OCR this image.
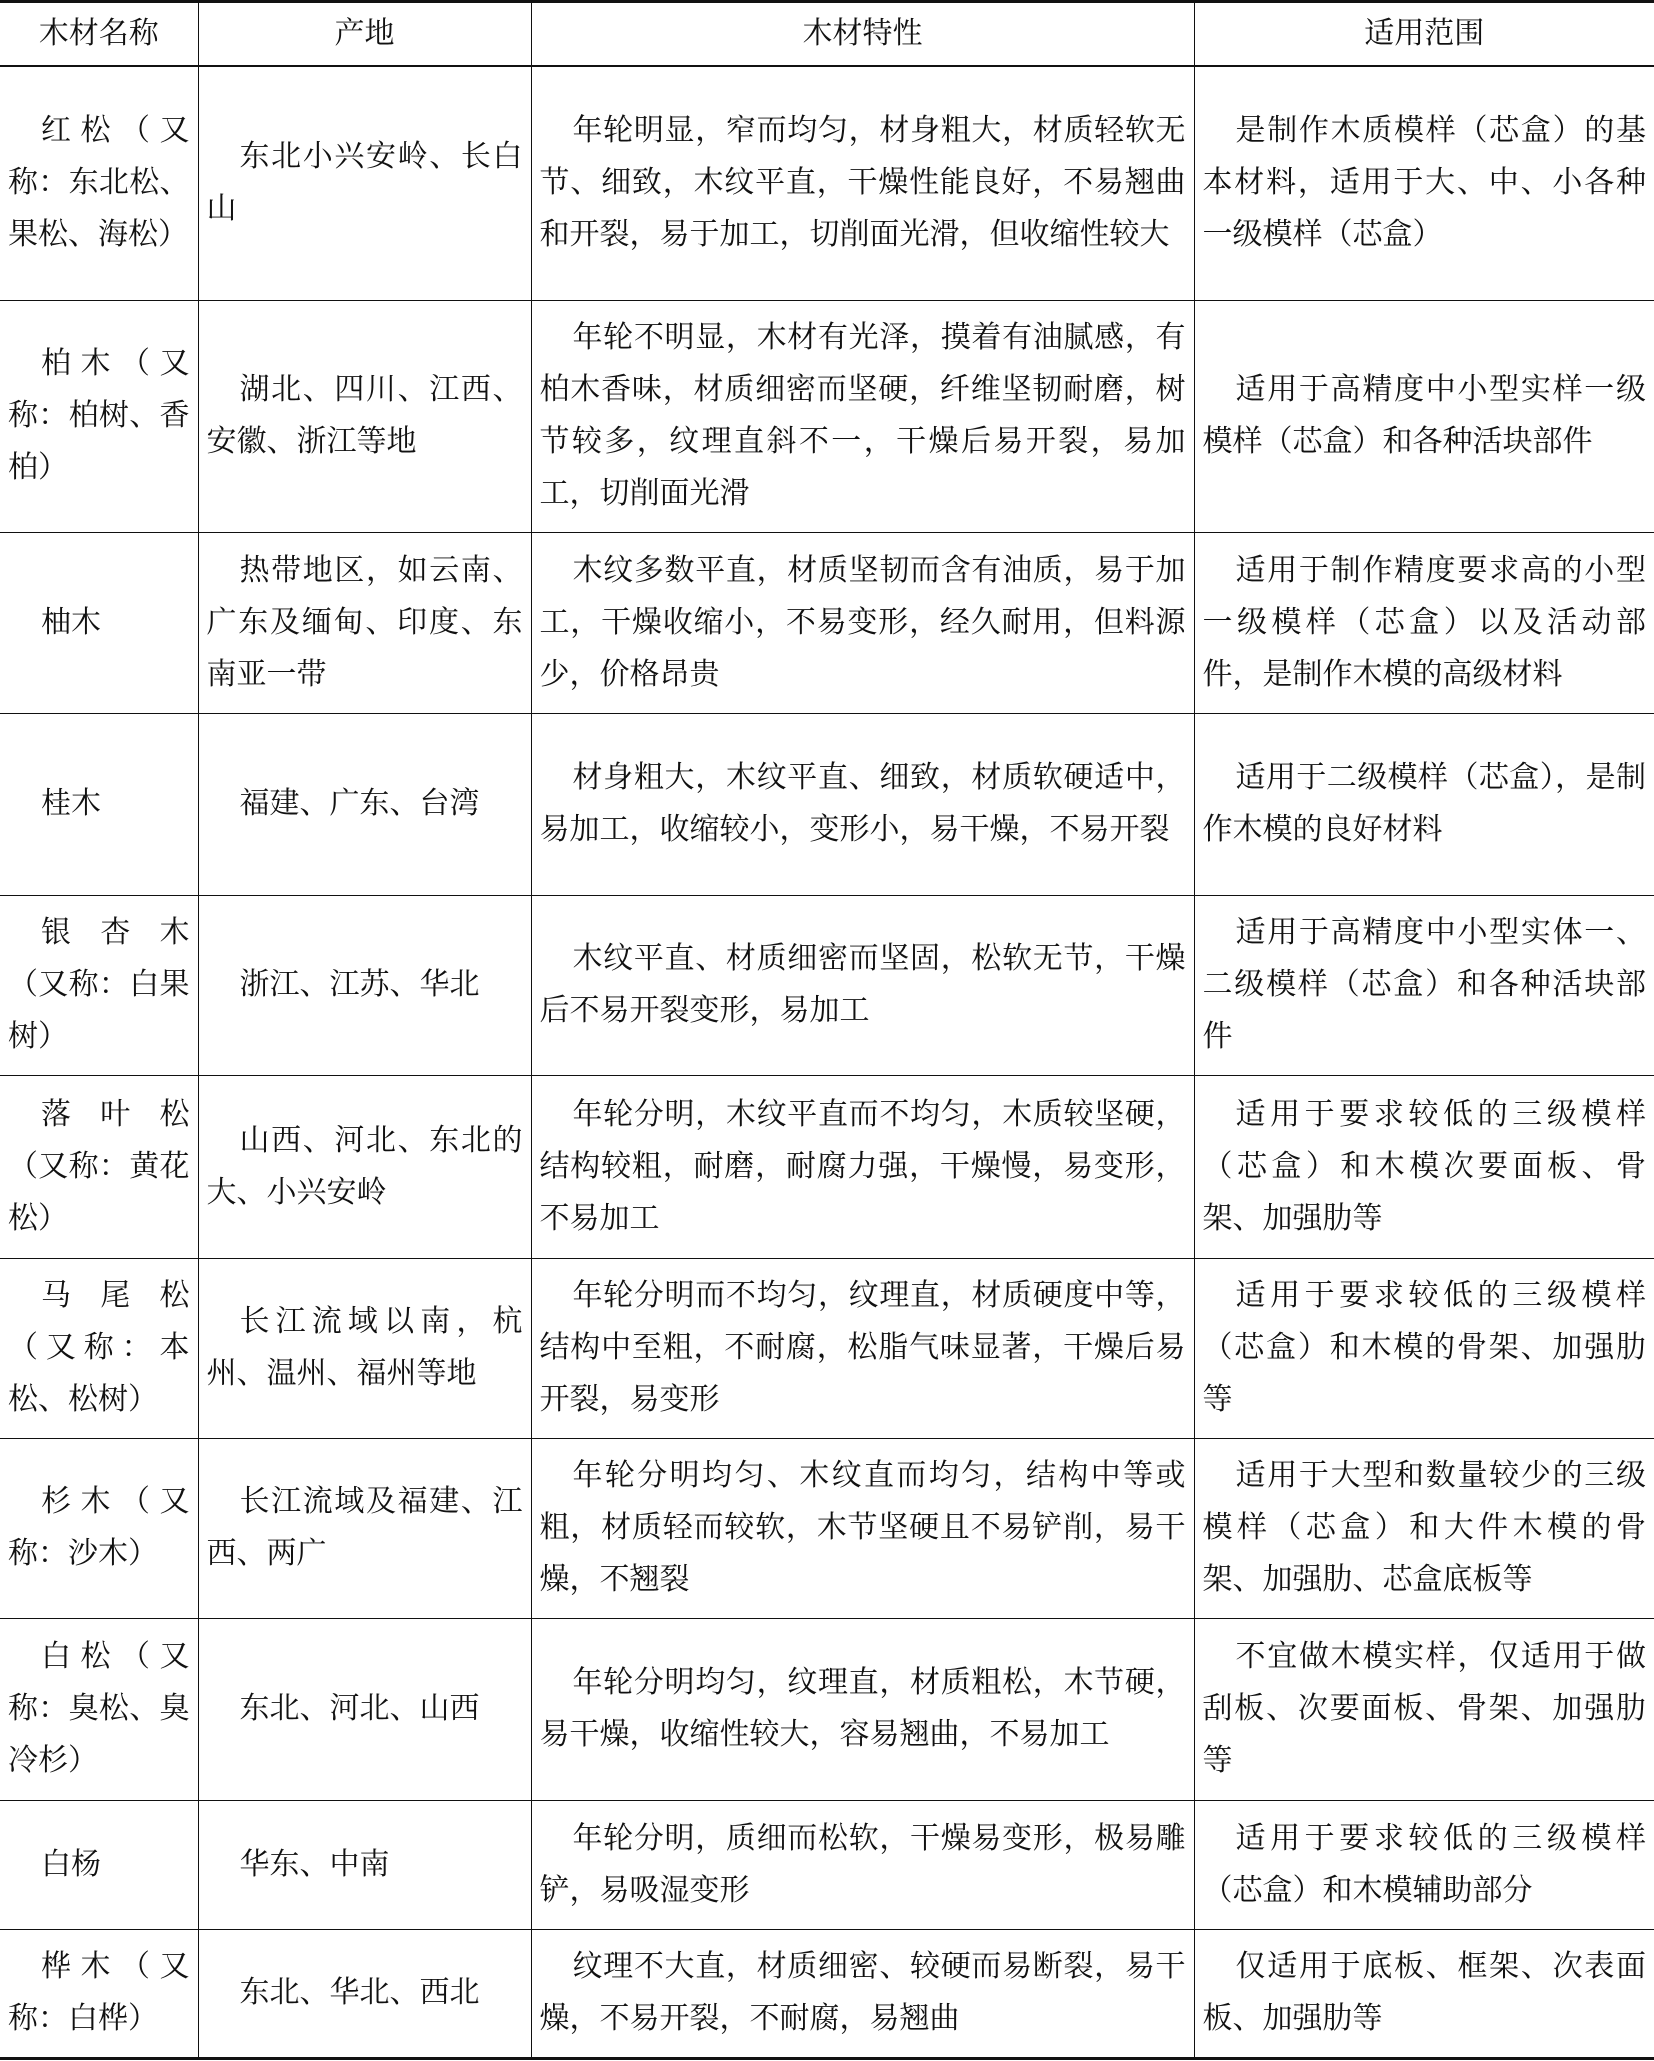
木材名称	产地	木材特性	适用范围
红松（又称：东北松、果松、海松）	东北小兴安岭、长白山	年轮明显，窄而均匀，材身粗大，材质轻软无节、细致，木纹平直，干燥性能良好，不易翘曲和开裂，易于加工，切削面光滑，但收缩性较大	是制作木质模样（芯盒）的基本材料，适用于大、中、小各种一级模样（芯盒）
柏木（又称：柏树、香柏）	湖北、四川、江西、安徽、浙江等地	年轮不明显，木材有光泽，摸着有油腻感，有柏木香味，材质细密而坚硬，纤维坚韧耐磨，树节较多，纹理直斜不一，干燥后易开裂，易加工，切削面光滑	适用于高精度中小型实样一级模样（芯盒）和各种活块部件
柚木	热带地区，如云南、广东及缅甸、印度、东南亚一带	木纹多数平直，材质坚韧而含有油质，易于加工，干燥收缩小，不易变形，经久耐用，但料源少，价格昂贵	适用于制作精度要求高的小型一级模样（芯盒）以及活动部件，是制作木模的高级材料
桂木	福建、广东、台湾	材身粗大，木纹平直、细致，材质软硬适中，易加工，收缩较小，变形小，易干燥，不易开裂	适用于二级模样（芯盒），是制作木模的良好材料
银杏木（又称：白果树）	浙江、江苏、华北	木纹平直、材质细密而坚固，松软无节，干燥后不易开裂变形，易加工	适用于高精度中小型实体一、二级模样（芯盒）和各种活块部件
落叶松（又称：黄花松）	山西、河北、东北的大、小兴安岭	年轮分明，木纹平直而不均匀，木质较坚硬，结构较粗，耐磨，耐腐力强，干燥慢，易变形，不易加工	适用于要求较低的三级模样（芯盒）和木模次要面板、骨架、加强肋等
马尾松（又称：本松、松树）	长江流域以南，杭州、温州、福州等地	年轮分明而不均匀，纹理直，材质硬度中等，结构中至粗，不耐腐，松脂气味显著，干燥后易开裂，易变形	适用于要求较低的三级模样（芯盒）和木模的骨架、加强肋等
杉木（又称：沙木）	长江流域及福建、江西、两广	年轮分明均匀、木纹直而均匀，结构中等或粗，材质轻而较软，木节坚硬且不易铲削，易干燥，不翘裂	适用于大型和数量较少的三级模样（芯盒）和大件木模的骨架、加强肋、芯盒底板等
白松（又称：臭松、臭冷杉）	东北、河北、山西	年轮分明均匀，纹理直，材质粗松，木节硬，易干燥，收缩性较大，容易翘曲，不易加工	不宜做木模实样，仅适用于做刮板、次要面板、骨架、加强肋等
白杨	华东、中南	年轮分明，质细而松软，干燥易变形，极易雕铲，易吸湿变形	适用于要求较低的三级模样（芯盒）和木模辅助部分
桦木（又称：白桦）	东北、华北、西北	纹理不大直，材质细密、较硬而易断裂，易干燥，不易开裂，不耐腐，易翘曲	仅适用于底板、框架、次表面板、加强肋等
